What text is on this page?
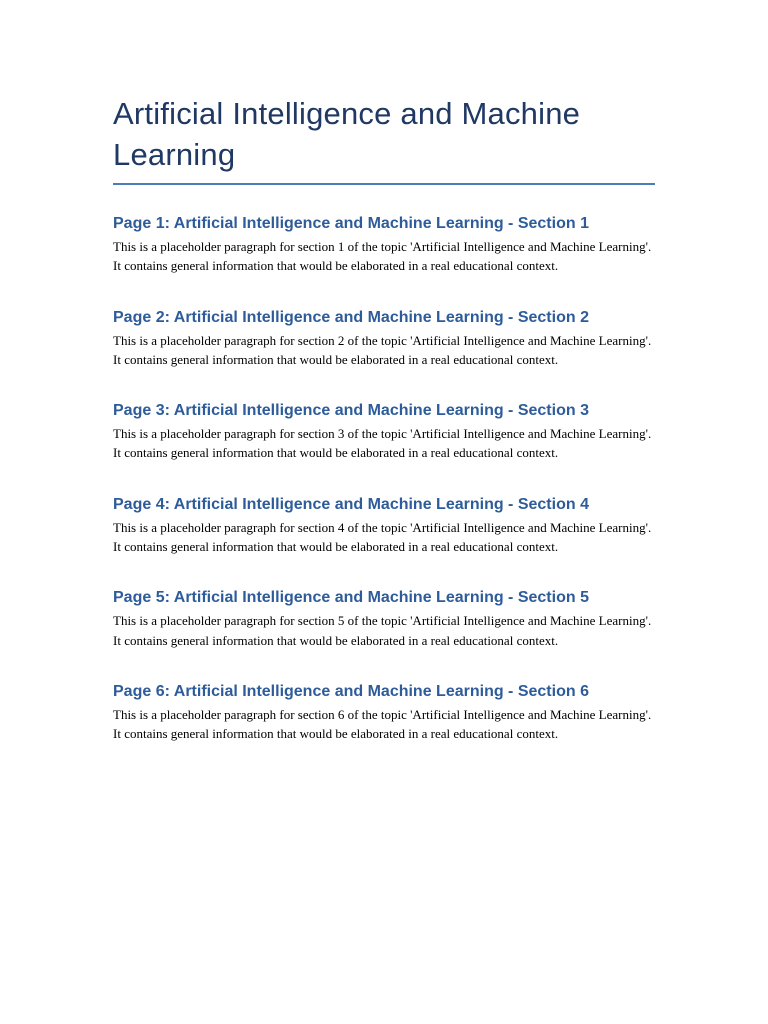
Artificial Intelligence and Machine Learning
Page 1: Artificial Intelligence and Machine Learning - Section 1

This is a placeholder paragraph for section 1 of the topic 'Artificial Intelligence and Machine Learning'. It contains general information that would be elaborated in a real educational context.

Page 2: Artificial Intelligence and Machine Learning - Section 2

This is a placeholder paragraph for section 2 of the topic 'Artificial Intelligence and Machine Learning'. It contains general information that would be elaborated in a real educational context.

Page 3: Artificial Intelligence and Machine Learning - Section 3

This is a placeholder paragraph for section 3 of the topic 'Artificial Intelligence and Machine Learning'. It contains general information that would be elaborated in a real educational context.

Page 4: Artificial Intelligence and Machine Learning - Section 4

This is a placeholder paragraph for section 4 of the topic 'Artificial Intelligence and Machine Learning'. It contains general information that would be elaborated in a real educational context.

Page 5: Artificial Intelligence and Machine Learning - Section 5

This is a placeholder paragraph for section 5 of the topic 'Artificial Intelligence and Machine Learning'. It contains general information that would be elaborated in a real educational context.

Page 6: Artificial Intelligence and Machine Learning - Section 6

This is a placeholder paragraph for section 6 of the topic 'Artificial Intelligence and Machine Learning'. It contains general information that would be elaborated in a real educational context.
